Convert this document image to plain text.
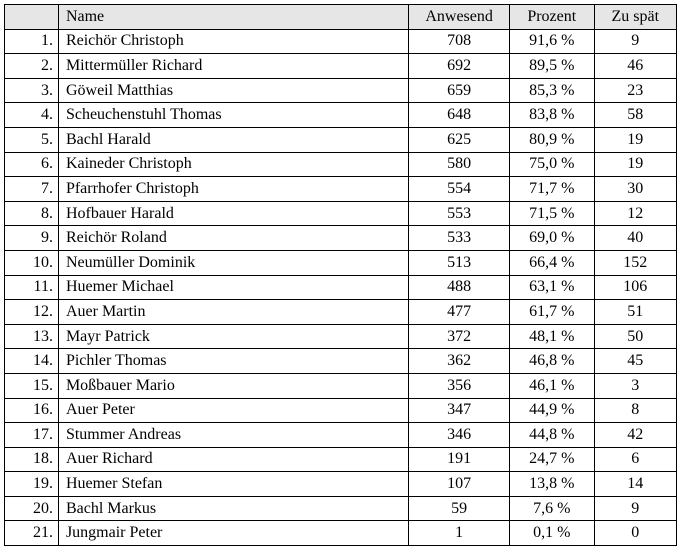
	Name	Anwesend	Prozent	Zu spät
1.	Reichör Christoph	708	91,6 %	9
2.	Mittermüller Richard	692	89,5 %	46
3.	Göweil Matthias	659	85,3 %	23
4.	Scheuchenstuhl Thomas	648	83,8 %	58
5.	Bachl Harald	625	80,9 %	19
6.	Kaineder Christoph	580	75,0 %	19
7.	Pfarrhofer Christoph	554	71,7 %	30
8.	Hofbauer Harald	553	71,5 %	12
9.	Reichör Roland	533	69,0 %	40
10.	Neumüller Dominik	513	66,4 %	152
11.	Huemer Michael	488	63,1 %	106
12.	Auer Martin	477	61,7 %	51
13.	Mayr Patrick	372	48,1 %	50
14.	Pichler Thomas	362	46,8 %	45
15.	Moßbauer Mario	356	46,1 %	3
16.	Auer Peter	347	44,9 %	8
17.	Stummer Andreas	346	44,8 %	42
18.	Auer Richard	191	24,7 %	6
19.	Huemer Stefan	107	13,8 %	14
20.	Bachl Markus	59	7,6 %	9
21.	Jungmair Peter	1	0,1 %	0
